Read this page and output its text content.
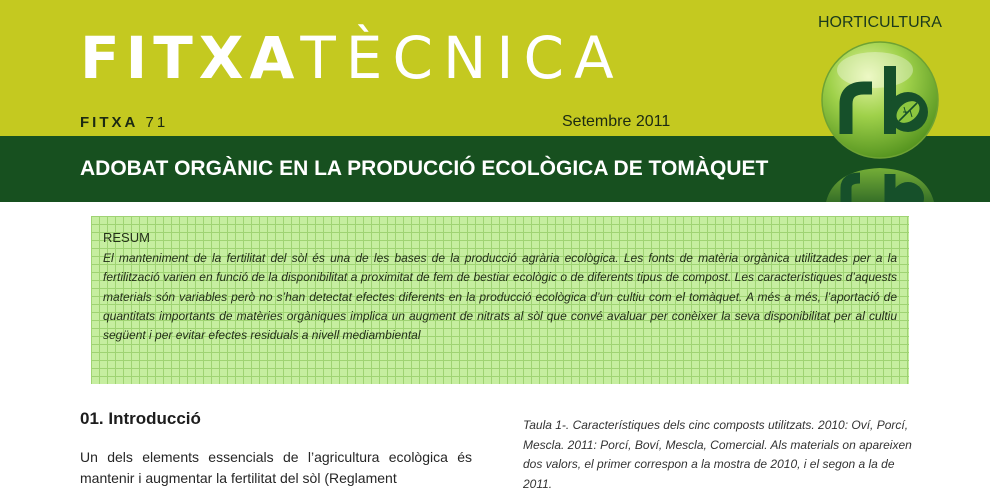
FITXATÈCNICA
FITXA 71	Setembre 2011
HORTICULTURA
ADOBAT ORGÀNIC EN LA PRODUCCIÓ ECOLÒGICA DE TOMÀQUET
RESUM
El manteniment de la fertilitat del sòl és una de les bases de la producció agrària ecològica. Les fonts de matèria orgànica utilitzades per a la fertilització varien en funció de la disponibilitat a proximitat de fem de bestiar ecològic o de diferents tipus de compost. Les característiques d’aquests materials són variables però no s’han detectat efectes diferents en la producció ecològica d’un cultiu com el tomàquet. A més a més, l’aportació de quantitats importants de matèries orgàniques implica un augment de nitrats al sòl que convé avaluar per conèixer la seva disponibilitat per al cultiu següent i per evitar efectes residuals a nivell mediambiental
01. Introducció
Un dels elements essencials de l’agricultura ecològica és mantenir i augmentar la fertilitat del sòl (Reglament
Taula 1-. Característiques dels cinc composts utilitzats. 2010: Oví, Porcí, Mescla. 2011: Porcí, Boví, Mescla, Comercial. Als materials on apareixen dos valors, el primer correspon a la mostra de 2010, i el segon a la de 2011.
